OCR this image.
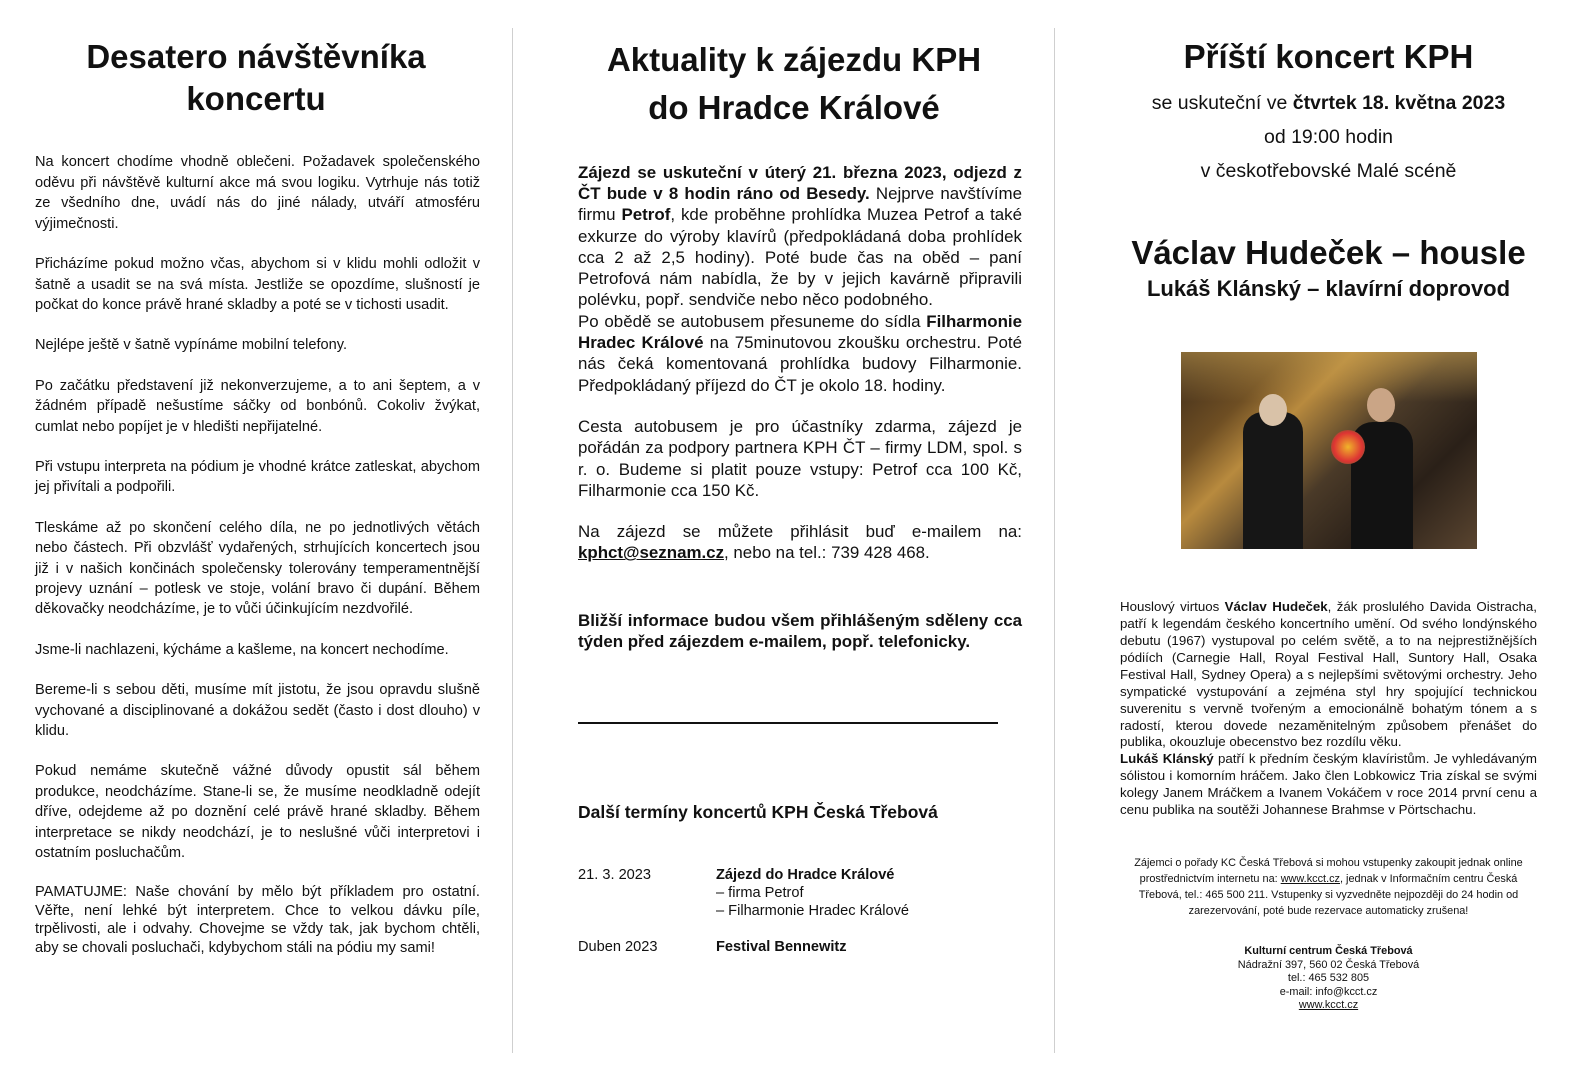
Desatero návštěvníka
koncertu

Na koncert chodíme vhodně oblečeni. Požadavek společenského oděvu při návštěvě kulturní akce má svou logiku. Vytrhuje nás totiž ze všedního dne, uvádí nás do jiné nálady, utváří atmosféru výjimečnosti.

Přicházíme pokud možno včas, abychom si v klidu mohli odložit v šatně a usadit se na svá místa. Jestliže se opozdíme, slušností je počkat do konce právě hrané skladby a poté se v tichosti usadit.

Nejlépe ještě v šatně vypínáme mobilní telefony.

Po začátku představení již nekonverzujeme, a to ani šeptem, a v žádném případě nešustíme sáčky od bonbónů. Cokoliv žvýkat, cumlat nebo popíjet je v hledišti nepřijatelné.

Při vstupu interpreta na pódium je vhodné krátce zatleskat, abychom jej přivítali a podpořili.

Tleskáme až po skončení celého díla, ne po jednotlivých větách nebo částech. Při obzvlášť vydařených, strhujících koncertech jsou již i v našich končinách společensky tolerovány temperamentnější projevy uznání – potlesk ve stoje, volání bravo či dupání. Během děkovačky neodcházíme, je to vůči účinkujícím nezdvořilé.

Jsme-li nachlazeni, kýcháme a kašleme, na koncert nechodíme.

Bereme-li s sebou děti, musíme mít jistotu, že jsou opravdu slušně vychované a disciplinované a dokážou sedět (často i dost dlouho) v klidu.

Pokud nemáme skutečně vážné důvody opustit sál během produkce, neodcházíme. Stane-li se, že musíme neodkladně odejít dříve, odejdeme až po doznění celé právě hrané skladby. Během interpretace se nikdy neodchází, je to neslušné vůči interpretovi i ostatním posluchačům.

PAMATUJME: Naše chování by mělo být příkladem pro ostatní. Věřte, není lehké být interpretem. Chce to velkou dávku píle, trpělivosti, ale i odvahy. Chovejme se vždy tak, jak bychom chtěli, aby se chovali posluchači, kdybychom stáli na pódiu my sami!

Aktuality k zájezdu KPH
do Hradce Králové

Zájezd se uskuteční v úterý 21. března 2023, odjezd z ČT bude v 8 hodin ráno od Besedy. Nejprve navštívíme firmu Petrof, kde proběhne prohlídka Muzea Petrof a také exkurze do výroby klavírů (předpokládaná doba prohlídek cca 2 až 2,5 hodiny). Poté bude čas na oběd – paní Petrofová nám nabídla, že by v jejich kavárně připravili polévku, popř. sendviče nebo něco podobného.

Po obědě se autobusem přesuneme do sídla Filharmonie Hradec Králové na 75minutovou zkoušku orchestru. Poté nás čeká komentovaná prohlídka budovy Filharmonie. Předpokládaný příjezd do ČT je okolo 18. hodiny.

Cesta autobusem je pro účastníky zdarma, zájezd je pořádán za podpory partnera KPH ČT – firmy LDM, spol. s r. o. Budeme si platit pouze vstupy: Petrof cca 100 Kč, Filharmonie cca 150 Kč.

Na zájezd se můžete přihlásit buď e-mailem na: kphct@seznam.cz, nebo na tel.: 739 428 468.

Bližší informace budou všem přihlášeným sděleny cca týden před zájezdem e-mailem, popř. telefonicky.

Další termíny koncertů KPH Česká Třebová
21. 3. 2023	Zájezd do Hradce Králové
– firma Petrof
– Filharmonie Hradec Králové
Duben 2023	Festival Bennewitz
Příští koncert KPH
se uskuteční ve čtvrtek 18. května 2023
od 19:00 hodin
v českotřebovské Malé scéně
Václav Hudeček – housle
Lukáš Klánský – klavírní doprovod

Houslový virtuos Václav Hudeček, žák proslulého Davida Oistracha, patří k legendám českého koncertního umění. Od svého londýnského debutu (1967) vystupoval po celém světě, a to na nejprestižnějších pódiích (Carnegie Hall, Royal Festival Hall, Suntory Hall, Osaka Festival Hall, Sydney Opera) a s nejlepšími světovými orchestry. Jeho sympatické vystupování a zejména styl hry spojující technickou suverenitu s vervně tvořeným a emocionálně bohatým tónem a s radostí, kterou dovede nezaměnitelným způsobem přenášet do publika, okouzluje obecenstvo bez rozdílu věku.
Lukáš Klánský patří k předním českým klavíristům. Je vyhledávaným sólistou i komorním hráčem. Jako člen Lobkowicz Tria získal se svými kolegy Janem Mráčkem a Ivanem Vokáčem v roce 2014 první cenu a cenu publika na soutěži Johannese Brahmse v Pörtschachu.

Zájemci o pořady KC Česká Třebová si mohou vstupenky zakoupit jednak online prostřednictvím internetu na: www.kcct.cz, jednak v Informačním centru Česká Třebová, tel.: 465 500 211. Vstupenky si vyzvedněte nejpozději do 24 hodin od zarezervování, poté bude rezervace automaticky zrušena!

Kulturní centrum Česká Třebová
Nádražní 397, 560 02 Česká Třebová
tel.: 465 532 805
e-mail: info@kcct.cz
www.kcct.cz
